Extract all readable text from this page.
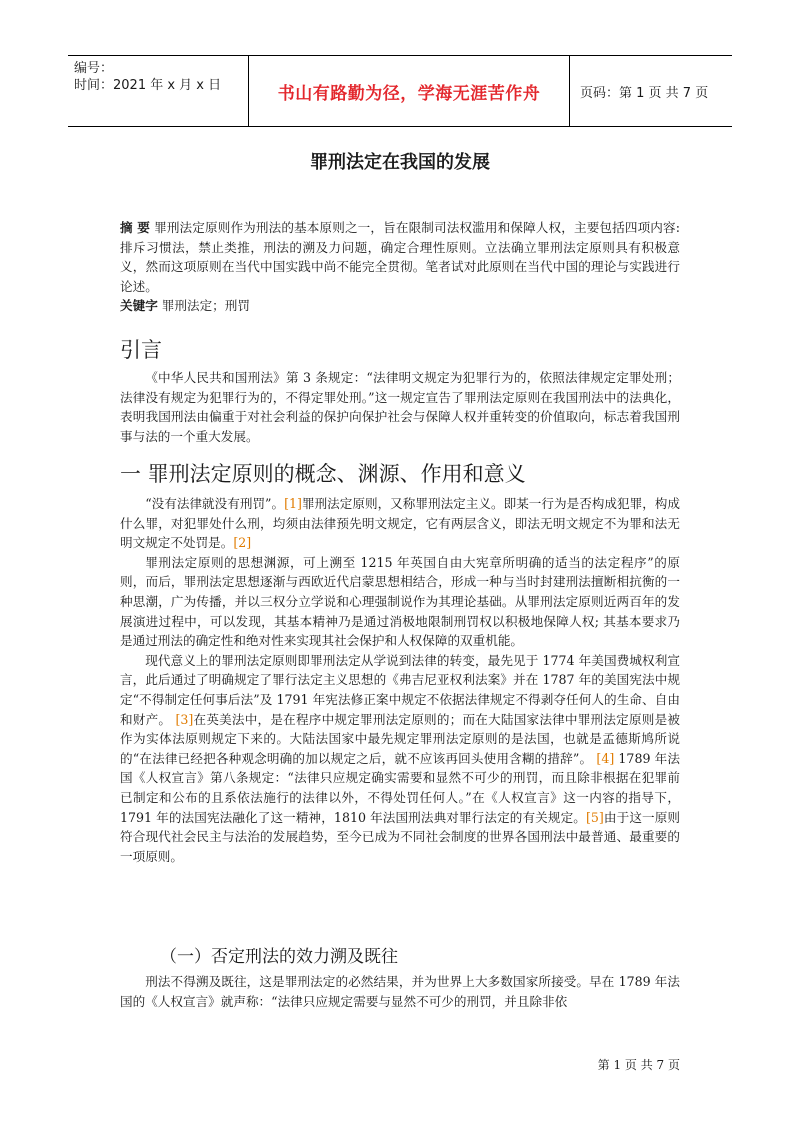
编号：
时间：2021 年 x 月 x 日	书山有路勤为径，学海无涯苦作舟	页码：第 1 页 共 7 页
罪刑法定在我国的发展

摘 要 罪刑法定原则作为刑法的基本原则之一，旨在限制司法权滥用和保障人权，主要包括四项内容: 排斥习惯法，禁止类推，刑法的溯及力问题，确定合理性原则。立法确立罪刑法定原则具有积极意义，然而这项原则在当代中国实践中尚不能完全贯彻。笔者试对此原则在当代中国的理论与实践进行论述。

关键字 罪刑法定；刑罚

引言

《中华人民共和国刑法》第 3 条规定：“法律明文规定为犯罪行为的，依照法律规定定罪处刑；法律没有规定为犯罪行为的，不得定罪处刑。”这一规定宣告了罪刑法定原则在我国刑法中的法典化，表明我国刑法由偏重于对社会利益的保护向保护社会与保障人权并重转变的价值取向，标志着我国刑事与法的一个重大发展。

一 罪刑法定原则的概念、渊源、作用和意义

“没有法律就没有刑罚”。[1]罪刑法定原则，又称罪刑法定主义。即某一行为是否构成犯罪，构成什么罪，对犯罪处什么刑，均须由法律预先明文规定，它有两层含义，即法无明文规定不为罪和法无明文规定不处罚是。[2]

罪刑法定原则的思想渊源，可上溯至 1215 年英国自由大宪章所明确的适当的法定程序”的原则，而后，罪刑法定思想逐渐与西欧近代启蒙思想相结合，形成一种与当时封建刑法擅断相抗衡的一种思潮，广为传播，并以三权分立学说和心理强制说作为其理论基础。从罪刑法定原则近两百年的发展演进过程中，可以发现，其基本精神乃是通过消极地限制刑罚权以积极地保障人权; 其基本要求乃是通过刑法的确定性和绝对性来实现其社会保护和人权保障的双重机能。

现代意义上的罪刑法定原则即罪刑法定从学说到法律的转变，最先见于 1774 年美国费城权利宣言，此后通过了明确规定了罪行法定主义思想的《弗吉尼亚权利法案》并在 1787 年的美国宪法中规定“不得制定任何事后法”及 1791 年宪法修正案中规定不依据法律规定不得剥夺任何人的生命、自由和财产。 [3]在英美法中，是在程序中规定罪刑法定原则的；而在大陆国家法律中罪刑法定原则是被作为实体法原则规定下来的。大陆法国家中最先规定罪刑法定原则的是法国，也就是孟德斯鸠所说的“在法律已经把各种观念明确的加以规定之后，就不应该再回头使用含糊的措辞”。 [4] 1789 年法国《人权宣言》第八条规定：“法律只应规定确实需要和显然不可少的刑罚，而且除非根据在犯罪前已制定和公布的且系依法施行的法律以外，不得处罚任何人。”在《人权宣言》这一内容的指导下，1791 年的法国宪法融化了这一精神，1810 年法国刑法典对罪行法定的有关规定。[5]由于这一原则符合现代社会民主与法治的发展趋势，至今已成为不同社会制度的世界各国刑法中最普通、最重要的一项原则。

（一）否定刑法的效力溯及既往

刑法不得溯及既往，这是罪刑法定的必然结果，并为世界上大多数国家所接受。早在 1789 年法国的《人权宣言》就声称：“法律只应规定需要与显然不可少的刑罚，并且除非依

第 1 页 共 7 页
